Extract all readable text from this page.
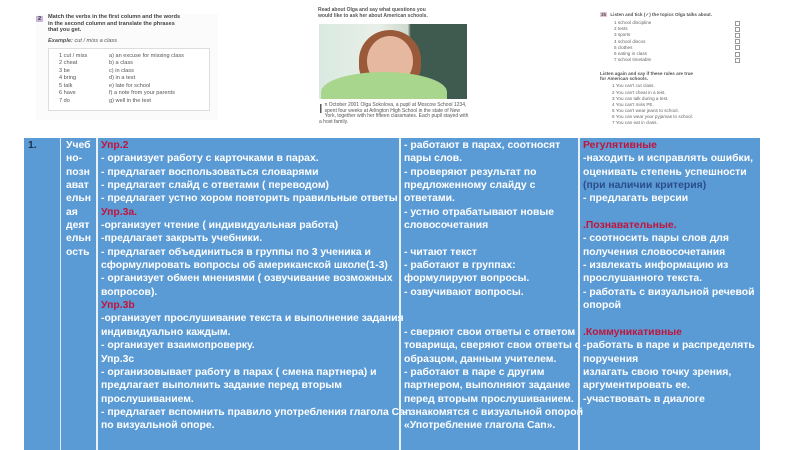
2	Match the verbs in the first column and the words
in the second column and translate the phrases
that you get.
Example: cut / miss a class
1 cut / miss
2 cheat
3 be
4 bring
5 talk
6 have
7 do
a) an excuse for missing class
b) a class
c) in class
d) in a test
e) late for school
f) a note from your parents
g) well in the test
Read about Olga and say what questions you
would like to ask her about American schools.
In October 2001 Olga Sokolova, a pupil at Moscow School 1234, spent four weeks at Arlington High School in the state of New York, together with her fifteen classmates. Each pupil stayed with a host family.
3b Listen and tick (✓) the topics Olga talks about.
1 school discipline
2 tests
3 sports
4 school discos
5 clothes
6 eating in class
7 school timetable
Listen again and say if these rules are true
for American schools.
1 You can't cut class.
2 You can't cheat in a test.
3 You can talk during a test.
4 You can't miss PE.
5 You can't wear jeans to school.
6 You can wear your pyjamas to school.
7 You can eat in class.
1.	Учеб
но-
позн
ават
ельн
ая
деят
ельн
ость
Упр.2
- организует работу с карточками в парах.
- предлагает воспользоваться словарями
- предлагает слайд с ответами ( переводом)
- предлагает устно хором повторить правильные ответы
Упр.3а.
-организует чтение ( индивидуальная работа)
-предлагает закрыть учебники.
- предлагает объединиться в группы по 3 ученика и
сформулировать вопросы об американской школе(1-3)
- организует обмен мнениями ( озвучивание возможных
вопросов).
Упр.3b
-организует прослушивание текста и выполнение задания
индивидуально каждым.
- организует взаимопроверку.
Упр.3c
- организовывает работу в парах ( смена партнера) и
предлагает выполнить задание перед вторым
прослушиванием.
- предлагает вспомнить правило употребления глагола Can
по визуальной опоре.
- работают в парах, соотносят
пары слов.
- проверяют результат по
предложенному слайду с
ответами.
- устно отрабатывают новые
словосочетания
- читают текст
- работают в группах:
формулируют вопросы.
- озвучивают вопросы.
- сверяют свои ответы с ответом
товарища, сверяют свои ответы с
образцом, данным учителем.
- работают в паре с другим
партнером, выполняют задание
перед вторым прослушиванием.
- знакомятся с визуальной опорой
«Употребление глагола Can».
Регулятивные
-находить и исправлять ошибки,
оценивать степень успешности
(при наличии критерия)
- предлагать версии
.Познавательные.
- соотносить пары слов для
получения словосочетания
- извлекать информацию из
прослушанного текста.
- работать с визуальной речевой
опорой
.Коммуникативные
-работать в паре и распределять
поручения
излагать свою точку зрения,
аргументировать ее.
-участвовать в диалоге
